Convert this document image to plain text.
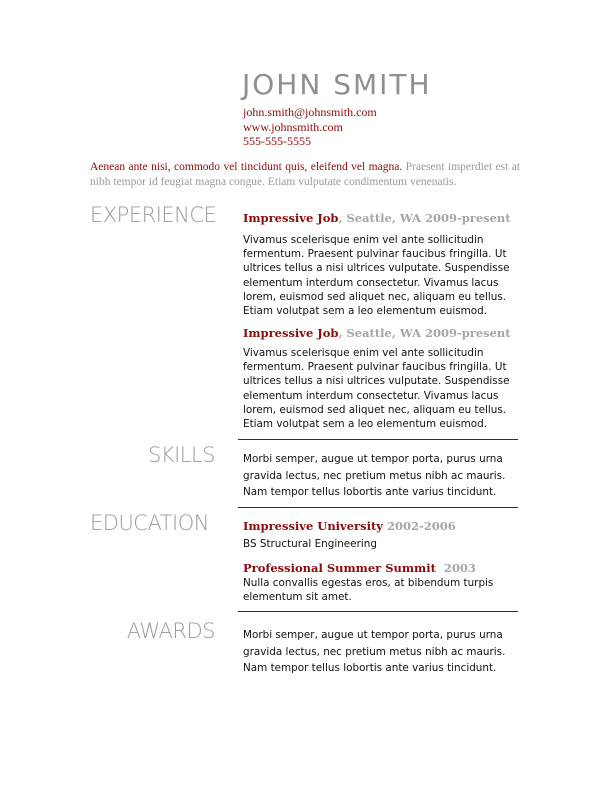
JOHN SMITH
john.smith@johnsmith.com
www.johnsmith.com
555-555-5555
Aenean ante nisi, commodo vel tincidunt quis, eleifend vel magna. Praesent imperdiet est at nibh tempor id feugiat magna congue. Etiam vulputate condimentum venenatis.
EXPERIENCE	Impressive Job, Seattle, WA 2009-present
Vivamus scelerisque enim vel ante sollicitudin fermentum. Praesent pulvinar faucibus fringilla. Ut ultrices tellus a nisi ultrices vulputate. Suspendisse elementum interdum consectetur. Vivamus lacus lorem, euismod sed aliquet nec, aliquam eu tellus. Etiam volutpat sem a leo elementum euismod.
Impressive Job, Seattle, WA 2009-present
Vivamus scelerisque enim vel ante sollicitudin fermentum. Praesent pulvinar faucibus fringilla. Ut ultrices tellus a nisi ultrices vulputate. Suspendisse elementum interdum consectetur. Vivamus lacus lorem, euismod sed aliquet nec, aliquam eu tellus. Etiam volutpat sem a leo elementum euismod.
SKILLS	Morbi semper, augue ut tempor porta, purus urna gravida lectus, nec pretium metus nibh ac mauris. Nam tempor tellus lobortis ante varius tincidunt.
EDUCATION	Impressive University 2002-2006
BS Structural Engineering
Professional Summer Summit  2003
Nulla convallis egestas eros, at bibendum turpis elementum sit amet.
AWARDS	Morbi semper, augue ut tempor porta, purus urna gravida lectus, nec pretium metus nibh ac mauris. Nam tempor tellus lobortis ante varius tincidunt.
